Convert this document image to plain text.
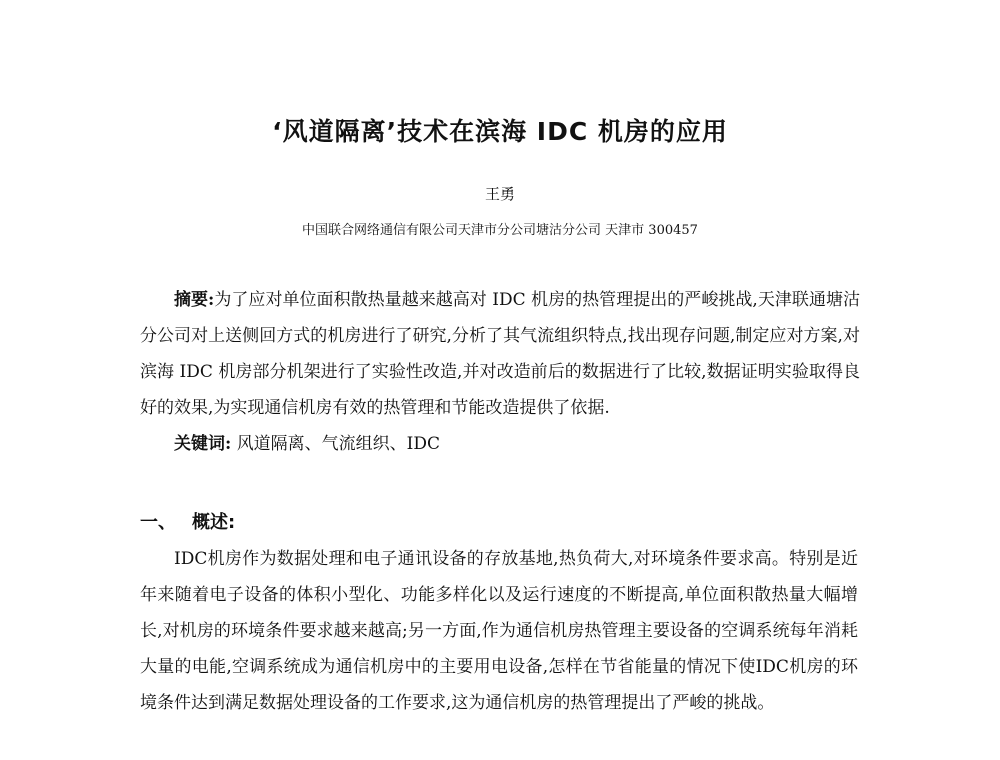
‘风道隔离’技术在滨海 IDC 机房的应用
王勇
中国联合网络通信有限公司天津市分公司塘沽分公司 天津市 300457

摘要:为了应对单位面积散热量越来越高对 IDC 机房的热管理提出的严峻挑战,天津联通塘沽分公司对上送侧回方式的机房进行了研究,分析了其气流组织特点,找出现存问题,制定应对方案,对滨海 IDC 机房部分机架进行了实验性改造,并对改造前后的数据进行了比较,数据证明实验取得良好的效果,为实现通信机房有效的热管理和节能改造提供了依据.

关键词: 风道隔离、气流组织、IDC

一、 概述:

IDC机房作为数据处理和电子通讯设备的存放基地,热负荷大,对环境条件要求高。特别是近年来随着电子设备的体积小型化、功能多样化以及运行速度的不断提高,单位面积散热量大幅增长,对机房的环境条件要求越来越高;另一方面,作为通信机房热管理主要设备的空调系统每年消耗大量的电能,空调系统成为通信机房中的主要用电设备,怎样在节省能量的情况下使IDC机房的环境条件达到满足数据处理设备的工作要求,这为通信机房的热管理提出了严峻的挑战。
